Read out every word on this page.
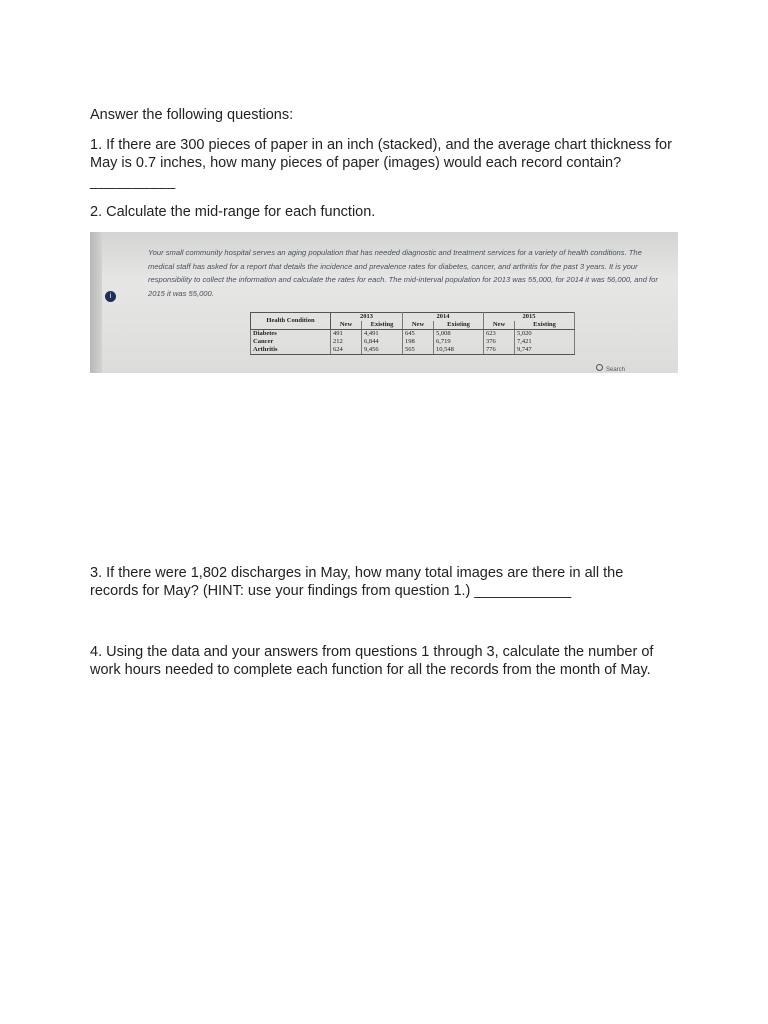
Answer the following questions:

1. If there are 300 pieces of paper in an inch (stacked), and the average chart thickness for May is 0.7 inches, how many pieces of paper (images) would each record contain?

__________

2. Calculate the mid-range for each function.

i

Your small community hospital serves an aging population that has needed diagnostic and treatment services for a variety of health conditions. The medical staff has asked for a report that details the incidence and prevalence rates for diabetes, cancer, and arthritis for the past 3 years. It is your responsibility to collect the information and calculate the rates for each. The mid-interval population for 2013 was 55,000, for 2014 it was 56,000, and for 2015 it was 55,000.

Health Condition	2013		2014		2015	
	New	Existing	New	Existing	New	Existing
Diabetes	491	4,491	645	5,008	623	5,020
Cancer	212	6,844	198	6,719	376	7,421
Arthritis	624	9,456	565	10,548	776	9,747
Search

3. If there were 1,802 discharges in May, how many total images are there in all the records for May? (HINT: use your findings from question 1.) ____________

4. Using the data and your answers from questions 1 through 3, calculate the number of work hours needed to complete each function for all the records from the month of May.
